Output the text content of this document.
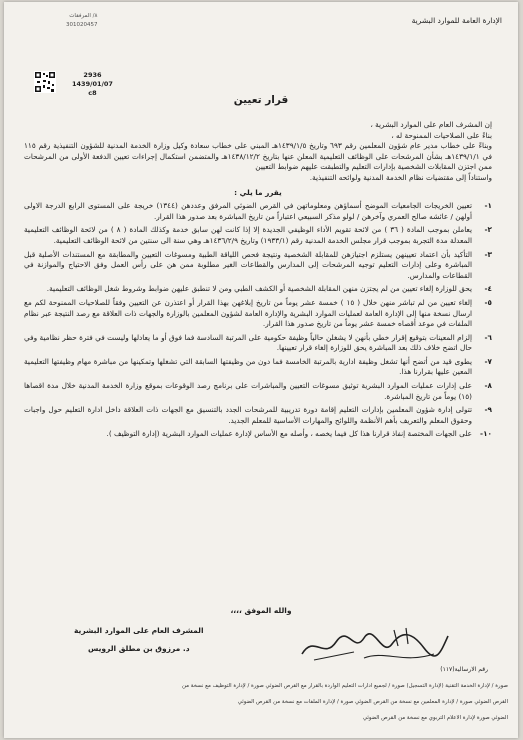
الإدارة العامة للموارد البشرية
٨/ المرفقات
301020457
2936
1439/01/07
c8
قرار تعيين

إن المشرف العام على الموارد البشرية ،

بناءً على الصلاحيات الممنوحة له ،

وبناءً على خطاب مدير عام شؤون المعلمين رقم ٦٩٣ وتاريخ ١٤٣٩/١/٥هـ المبني على خطاب سعادة وكيل وزارة الخدمة المدنية للشؤون التنفيذية رقم ١١٥ في ١٤٣٩/١/١هـ بشأن المرشحات على الوظائف التعليمية المعلن عنها بتاريخ ١٤٣٨/١٢/٢هـ والمتضمن استكمال إجراءات تعيين الدفعة الأولى من المرشحات ممن اجتزن المقابلات الشخصية بإدارات التعليم والتطبقت عليهم ضوابط التعيين

واستناداً إلى مقتضيات نظام الخدمة المدنية ولوائحه التنفيذية.

يقرر ما يلي :

١-
تعيين الخريجات الجامعيات الموضح أسماؤهن ومعلوماتهن في القرص الضوئي المرفق وعددهن (١٣٤٤) خريجة على المستوى الرابع الدرجة الاولى أولهن / عائشه صالح العمري وآخرهن / لولو مذكر السبيعي اعتباراً من تاريخ المباشرة بعد صدور هذا القرار.
٢-
يعاملن بموجب المادة ( ٣٦ ) من لائحة تقويم الأداء الوظيفي الجديدة إلا إذا كانت لهن سابق خدمة وكذلك المادة ( ٨ ) من لائحة الوظائف التعليمية المعدلة مدة التجربة بموجب قرار مجلس الخدمة المدنية رقم (١٩٣٣/١) وتاريخ ١٤٣٦/٢/٩هـ وهي سنة الى سنتين من لائحة الوظائف التعليمية.
٣-
التأكيد بأن اعتماد تعيينهن يستلزم اجتيازهن للمقابلة الشخصية ونتيجة فحص اللياقة الطبية ومسوغات التعيين والمطابقة مع المستندات الأصلية قبل المباشرة وعلى إدارات التعليم توجيه المرشحات إلى المدارس والقطاعات الغير مطلوبة ممن هن على رأس العمل وفق الاحتياج والموازنة في القطاعات والمدارس.
٤-
يحق للوزارة إلغاء تعيين من لم يجتزن منهن المقابلة الشخصية أو الكشف الطبي ومن لا تنطبق عليهن ضوابط وشروط شغل الوظائف التعليمية.
٥-
إلغاء تعيين من لم تباشر منهن خلال ( ١٥ ) خمسة عشر يوماً من تاريخ إبلاغهن بهذا القرار أو اعتذرن عن التعيين وفقاً للصلاحيات الممنوحة لكم مع ارسال نسخة منها إلى الإدارة العامة لعمليات الموارد البشرية والإدارة العامة لشؤون المعلمين بالوزارة والجهات ذات العلاقة مع رصد النتيجة عبر نظام الملفات في موعد أقصاه خمسة عشر يوماً من تاريخ صدور هذا القرار.
٦-
إلزام المعينات بتوقيع إقرار خطي بأنهن لا يشغلن حالياً وظيفة حكومية على المرتبة السادسة فما فوق أو ما يعادلها وليست في فترة حظر نظامية وفي حال اتضح خلاف ذلك بعد المباشرة يحق للوزارة إلغاء قرار تعيينها.
٧-
يطوى قيد من أتضح أنها تشغل وظيفة ادارية بالمرتبة الخامسة فما دون من وظيفتها السابقة التي تشغلها وتمكينها من مباشرة مهام وظيفتها التعليمية المعين عليها بقرارنا هذا.
٨-
على إدارات عمليات الموارد البشرية توثيق مسوغات التعيين والمباشرات على برنامج رصد الوقوعات بموقع وزارة الخدمة المدنية خلال مدة اقصاها (١٥) يوماً من تاريخ المباشرة.
٩-
تتولى إدارة شؤون المعلمين بإدارات التعليم إقامة دورة تدريبية للمرشحات الجدد بالتنسيق مع الجهات ذات العلاقة داخل ادارة التعليم حول واجبات وحقوق المعلم والتعريف بأهم الأنظمة واللوائح والمهارات الأساسية للمعلم الجديد.
١٠-
على الجهات المختصة إنفاذ قرارنا هذا كل فيما يخصه ، وأصله مع الأساس لإدارة عمليات الموارد البشرية (إدارة التوظيف ).
والله الموفق ،،،،
المشرف العام على الموارد البشرية
د. مرزوق بن مطلق الرويس
رقم الارسالية(١١٧)
صورة / لإدارة الخدمة التقنية (لإدارة التسجيل) صورة / لجميع ادارات التعليم الواردة بالقرار مع القرص الضوئي صورة / لإدارة التوظيف مع نسخة من
القرص الضوئي صورة / لإدارة المعلمين مع نسخة من القرص الضوئي صورة / لإدارة الملفات مع نسخة من القرص الضوئي
الضوئي صورة لإدارة الاعلام التربوي مع نسخة من القرص الضوئي
